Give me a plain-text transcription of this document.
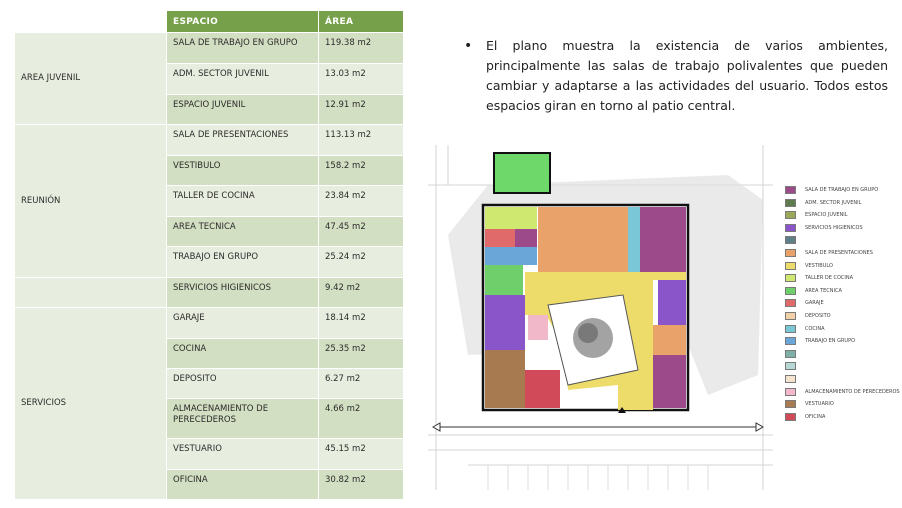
	ESPACIO	ÁREA
AREA JUVENIL	SALA DE TRABAJO EN GRUPO	119.38 m2
	ADM. SECTOR JUVENIL	13.03 m2
	ESPACIO JUVENIL	12.91 m2
REUNIÓN	SALA DE PRESENTACIONES	113.13 m2
	VESTIBULO	158.2 m2
	TALLER DE COCINA	23.84 m2
	AREA TECNICA	47.45 m2
	TRABAJO EN GRUPO	25.24 m2
	SERVICIOS HIGIENICOS	9.42 m2
SERVICIOS	GARAJE	18.14 m2
	COCINA	25.35 m2
	DEPOSITO	6.27 m2
	ALMACENAMIENTO DE PERECEDEROS	4.66 m2
	VESTUARIO	45.15 m2
	OFICINA	30.82 m2
• El plano muestra la existencia de varios ambientes, principalmente las salas de trabajo polivalentes que pueden cambiar y adaptarse a las actividades del usuario. Todos estos espacios giran en torno al patio central.
SALA DE TRABAJO EN GRUPO
ADM. SECTOR JUVENIL
ESPACIO JUVENIL
SERVICIOS HIGIENICOS
SALA DE PRESENTACIONES
VESTIBULO
TALLER DE COCINA
AREA TECNICA
GARAJE
DEPOSITO
COCINA
TRABAJO EN GRUPO
ALMACENAMIENTO DE PERECEDEROS
VESTUARIO
OFICINA
